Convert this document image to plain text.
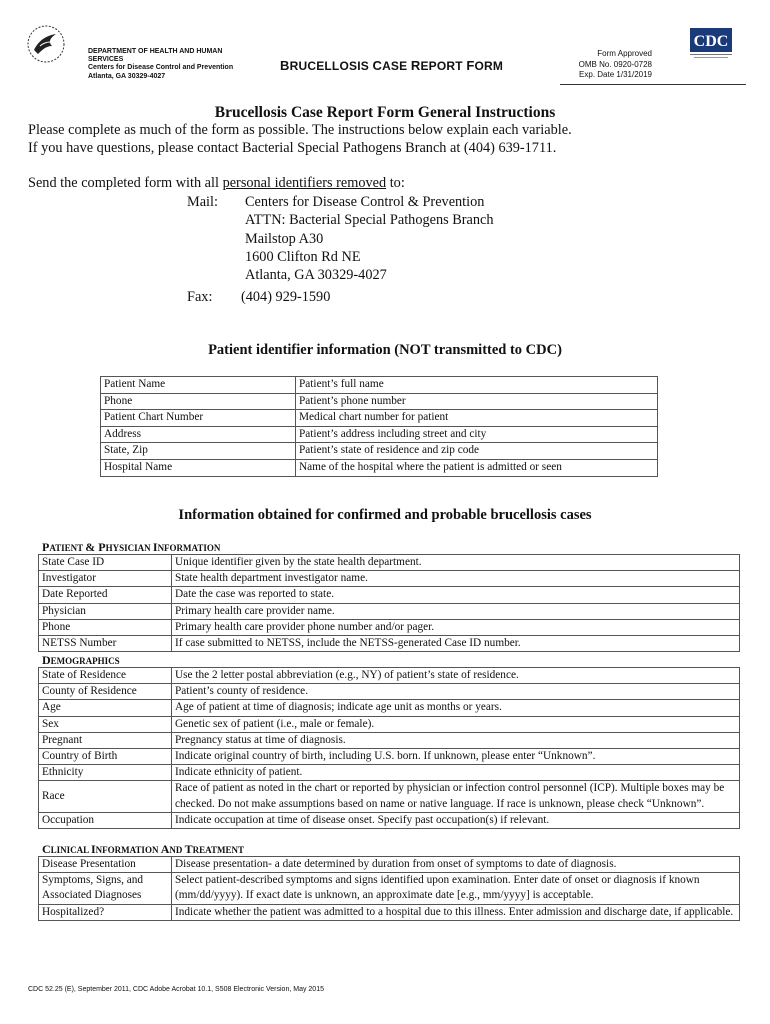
DEPARTMENT OF HEALTH AND HUMAN
SERVICES
Centers for Disease Control and Prevention
Atlanta, GA 30329-4027
BRUCELLOSIS CASE REPORT FORM
Form Approved
OMB No. 0920-0728
Exp. Date 1/31/2019
CDC
Brucellosis Case Report Form General Instructions
Please complete as much of the form as possible. The instructions below explain each variable.
If you have questions, please contact Bacterial Special Pathogens Branch at (404) 639-1711.
Send the completed form with all personal identifiers removed to:
Mail: Centers for Disease Control & Prevention
ATTN: Bacterial Special Pathogens Branch
Mailstop A30
1600 Clifton Rd NE
Atlanta, GA 30329-4027
Fax: (404) 929-1590
Patient identifier information (NOT transmitted to CDC)
Patient Name	Patient’s full name
Phone	Patient’s phone number
Patient Chart Number	Medical chart number for patient
Address	Patient’s address including street and city
State, Zip	Patient’s state of residence and zip code
Hospital Name	Name of the hospital where the patient is admitted or seen
Information obtained for confirmed and probable brucellosis cases
PATIENT & PHYSICIAN INFORMATION
State Case ID	Unique identifier given by the state health department.
Investigator	State health department investigator name.
Date Reported	Date the case was reported to state.
Physician	Primary health care provider name.
Phone	Primary health care provider phone number and/or pager.
NETSS Number	If case submitted to NETSS, include the NETSS-generated Case ID number.
DEMOGRAPHICS
State of Residence	Use the 2 letter postal abbreviation (e.g., NY) of patient’s state of residence.
County of Residence	Patient’s county of residence.
Age	Age of patient at time of diagnosis; indicate age unit as months or years.
Sex	Genetic sex of patient (i.e., male or female).
Pregnant	Pregnancy status at time of diagnosis.
Country of Birth	Indicate original country of birth, including U.S. born. If unknown, please enter “Unknown”.
Ethnicity	Indicate ethnicity of patient.
Race	Race of patient as noted in the chart or reported by physician or infection control personnel (ICP). Multiple boxes may be checked. Do not make assumptions based on name or native language. If race is unknown, please check “Unknown”.
Occupation	Indicate occupation at time of disease onset. Specify past occupation(s) if relevant.
CLINICAL INFORMATION AND TREATMENT
Disease Presentation	Disease presentation- a date determined by duration from onset of symptoms to date of diagnosis.
Symptoms, Signs, and Associated Diagnoses	Select patient-described symptoms and signs identified upon examination. Enter date of onset or diagnosis if known (mm/dd/yyyy). If exact date is unknown, an approximate date [e.g., mm/yyyy] is acceptable.
Hospitalized?	Indicate whether the patient was admitted to a hospital due to this illness. Enter admission and discharge date, if applicable.
CDC 52.25 (E), September 2011, CDC Adobe Acrobat 10.1, S508 Electronic Version, May 2015
